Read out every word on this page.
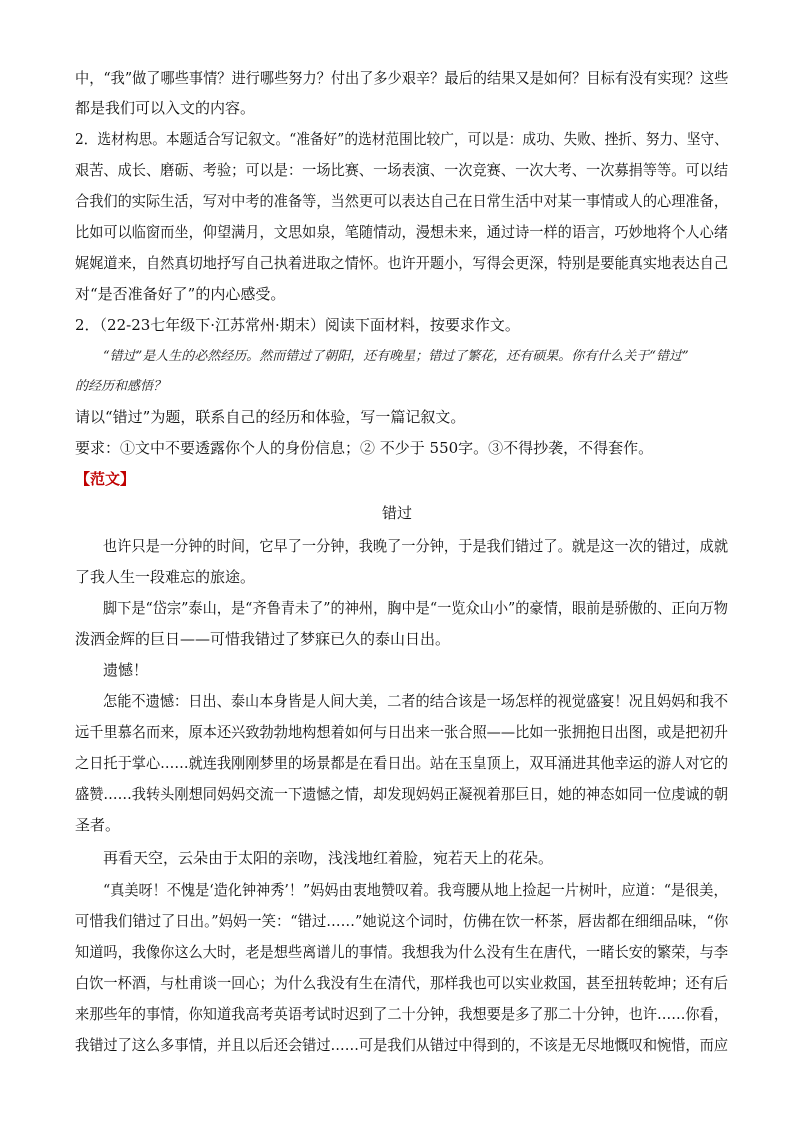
中，“我”做了哪些事情？进行哪些努力？付出了多少艰辛？最后的结果又是如何？目标有没有实现？这些
都是我们可以入文的内容。
2．选材构思。本题适合写记叙文。“准备好”的选材范围比较广，可以是：成功、失败、挫折、努力、坚守、
艰苦、成长、磨砺、考验；可以是：一场比赛、一场表演、一次竞赛、一次大考、一次募捐等等。可以结
合我们的实际生活，写对中考的准备等，当然更可以表达自己在日常生活中对某一事情或人的心理准备，
比如可以临窗而坐，仰望满月，文思如泉，笔随情动，漫想未来，通过诗一样的语言，巧妙地将个人心绪
娓娓道来，自然真切地抒写自己执着进取之情怀。也许开题小，写得会更深，特别是要能真实地表达自己
对“是否准备好了”的内心感受。
2．（22-23七年级下·江苏常州·期末）阅读下面材料，按要求作文。
“错过”是人生的必然经历。然而错过了朝阳，还有晚星；错过了繁花，还有硕果。你有什么关于“错过”
的经历和感悟？
请以“错过”为题，联系自己的经历和体验，写一篇记叙文。
要求：①文中不要透露你个人的身份信息；② 不少于 550字。③不得抄袭，不得套作。
【范文】
错过
也许只是一分钟的时间，它早了一分钟，我晚了一分钟，于是我们错过了。就是这一次的错过，成就
了我人生一段难忘的旅途。
脚下是“岱宗”泰山，是“齐鲁青未了”的神州，胸中是“一览众山小”的豪情，眼前是骄傲的、正向万物
泼洒金辉的巨日——可惜我错过了梦寐已久的泰山日出。
遗憾！
怎能不遗憾：日出、泰山本身皆是人间大美，二者的结合该是一场怎样的视觉盛宴！况且妈妈和我不
远千里慕名而来，原本还兴致勃勃地构想着如何与日出来一张合照——比如一张拥抱日出图，或是把初升
之日托于掌心……就连我刚刚梦里的场景都是在看日出。站在玉皇顶上，双耳涌进其他幸运的游人对它的
盛赞……我转头刚想同妈妈交流一下遗憾之情，却发现妈妈正凝视着那巨日，她的神态如同一位虔诚的朝
圣者。
再看天空，云朵由于太阳的亲吻，浅浅地红着脸，宛若天上的花朵。
“真美呀！不愧是‘造化钟神秀’！”妈妈由衷地赞叹着。我弯腰从地上捡起一片树叶，应道：“是很美，
可惜我们错过了日出。”妈妈一笑：“错过……”她说这个词时，仿佛在饮一杯茶，唇齿都在细细品味，“你
知道吗，我像你这么大时，老是想些离谱儿的事情。我想我为什么没有生在唐代，一睹长安的繁荣，与李
白饮一杯酒，与杜甫谈一回心；为什么我没有生在清代，那样我也可以实业救国，甚至扭转乾坤；还有后
来那些年的事情，你知道我高考英语考试时迟到了二十分钟，我想要是多了那二十分钟，也许……你看，
我错过了这么多事情，并且以后还会错过……可是我们从错过中得到的，不该是无尽地慨叹和惋惜，而应
